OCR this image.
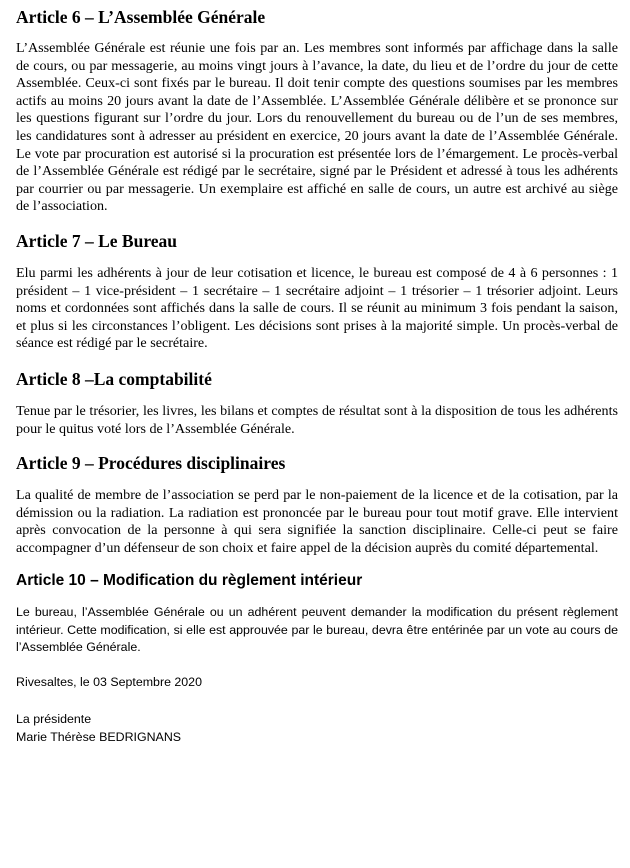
Article 6 – L’Assemblée Générale

L’Assemblée Générale est réunie une fois par an. Les membres sont informés par affichage dans la salle de cours, ou par messagerie, au moins vingt jours à l’avance, la date, du lieu et de l’ordre du jour de cette Assemblée. Ceux-ci sont fixés par le bureau. Il doit tenir compte des questions soumises par les membres actifs au moins 20 jours avant la date de l’Assemblée. L’Assemblée Générale délibère et se prononce sur les questions figurant sur l’ordre du jour. Lors du renouvellement du bureau ou de l’un de ses membres, les candidatures sont à adresser au président en exercice, 20 jours avant la date de l’Assemblée Générale. Le vote par procuration est autorisé si la procuration est présentée lors de l’émargement. Le procès-verbal de l’Assemblée Générale est rédigé par le secrétaire, signé par le Président et adressé à tous les adhérents par courrier ou par messagerie. Un exemplaire est affiché en salle de cours, un autre est archivé au siège de l’association.

Article 7 – Le Bureau

Elu parmi les adhérents à jour de leur cotisation et licence, le bureau est composé de 4 à 6 personnes : 1 président – 1 vice-président – 1 secrétaire – 1 secrétaire adjoint – 1 trésorier – 1 trésorier adjoint. Leurs noms et cordonnées sont affichés dans la salle de cours. Il se réunit au minimum 3 fois pendant la saison, et plus si les circonstances l’obligent. Les décisions sont prises à la majorité simple. Un procès-verbal de séance est rédigé par le secrétaire.

Article 8 –La comptabilité

Tenue par le trésorier, les livres, les bilans et comptes de résultat sont à la disposition de tous les adhérents pour le quitus voté lors de l’Assemblée Générale.

Article 9 – Procédures disciplinaires

La qualité de membre de l’association se perd par le non-paiement de la licence et de la cotisation, par la démission ou la radiation. La radiation est prononcée par le bureau pour tout motif grave. Elle intervient après convocation de la personne à qui sera signifiée la sanction disciplinaire. Celle-ci peut se faire accompagner d’un défenseur de son choix et faire appel de la décision auprès du comité départemental.

Article 10 – Modification du règlement intérieur

Le bureau, l’Assemblée Générale ou un adhérent peuvent demander la modification du présent règlement intérieur. Cette modification, si elle est approuvée par le bureau, devra être entérinée par un vote au cours de l’Assemblée Générale.

Rivesaltes, le 03 Septembre 2020

La présidente

Marie Thérèse BEDRIGNANS
